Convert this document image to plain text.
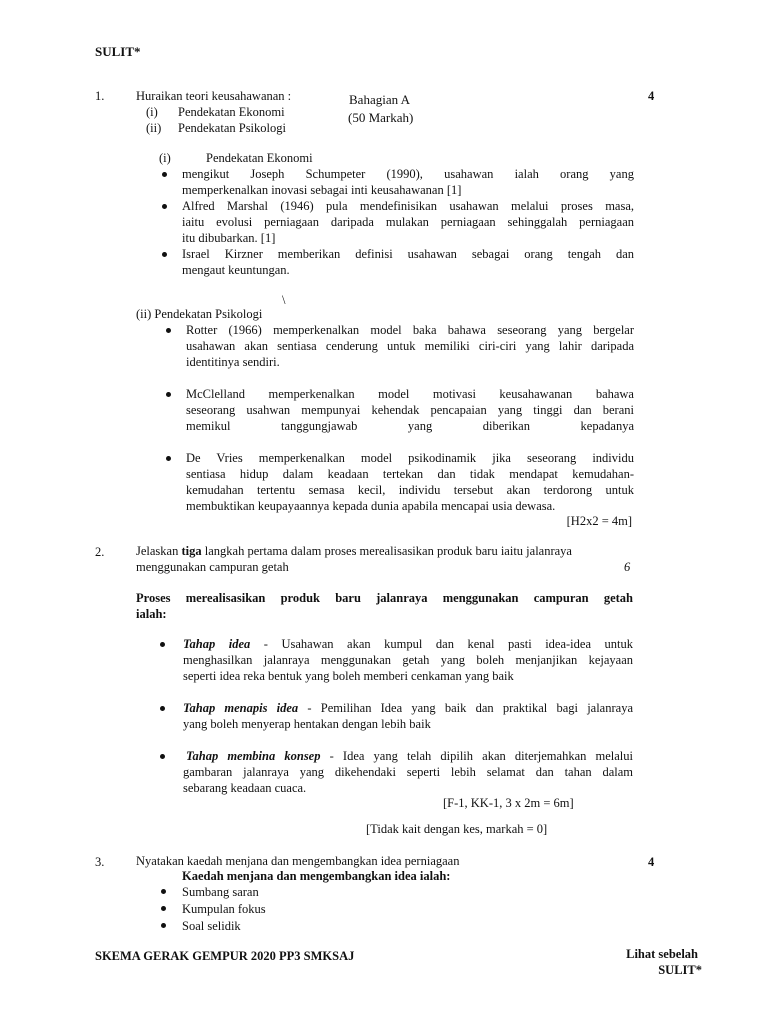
SULIT*
Bahagian A
(50 Markah)
1.	Huraikan teori keusahawanan :	4
(i) Pendekatan Ekonomi
(ii) Pendekatan Psikologi
(i)	Pendekatan Ekonomi
mengikut Joseph Schumpeter (1990), usahawan ialah orang yang
memperkenalkan inovasi sebagai inti keusahawanan [1]
Alfred Marshal (1946) pula mendefinisikan usahawan melalui proses masa,
iaitu evolusi perniagaan daripada mulakan perniagaan sehinggalah perniagaan
itu dibubarkan. [1]
Israel Kirzner memberikan definisi usahawan sebagai orang tengah dan
mengaut keuntungan.
\
(ii) Pendekatan Psikologi
Rotter (1966) memperkenalkan model baka bahawa seseorang yang bergelar
usahawan akan sentiasa cenderung untuk memiliki ciri-ciri yang lahir daripada
identitinya sendiri.
McClelland memperkenalkan model motivasi keusahawanan bahawa
seseorang usahwan mempunyai kehendak pencapaian yang tinggi dan berani
memikul tanggungjawab yang diberikan kepadanya
De Vries memperkenalkan model psikodinamik jika seseorang individu
sentiasa hidup dalam keadaan tertekan dan tidak mendapat kemudahan-
kemudahan tertentu semasa kecil, individu tersebut akan terdorong untuk
membuktikan keupayaannya kepada dunia apabila mencapai usia dewasa.
[H2x2 = 4m]
2.	Jelaskan tiga langkah pertama dalam proses merealisasikan produk baru iaitu jalanraya
menggunakan campuran getah	6
Proses merealisasikan produk baru jalanraya menggunakan campuran getah
ialah:
Tahap idea - Usahawan akan kumpul dan kenal pasti idea-idea untuk
menghasilkan jalanraya menggunakan getah yang boleh menjanjikan kejayaan
seperti idea reka bentuk yang boleh memberi cenkaman yang baik
Tahap menapis idea - Pemilihan Idea yang baik dan praktikal bagi jalanraya
yang boleh menyerap hentakan dengan lebih baik
Tahap membina konsep - Idea yang telah dipilih akan diterjemahkan melalui
gambaran jalanraya yang dikehendaki seperti lebih selamat dan tahan dalam
sebarang keadaan cuaca.
[F-1, KK-1, 3 x 2m = 6m]
[Tidak kait dengan kes, markah = 0]
3.	Nyatakan kaedah menjana dan mengembangkan idea perniagaan	4
Kaedah menjana dan mengembangkan idea ialah:
Sumbang saran
Kumpulan fokus
Soal selidik
SKEMA GERAK GEMPUR 2020 PP3 SMKSAJ	Lihat sebelah
SULIT*
